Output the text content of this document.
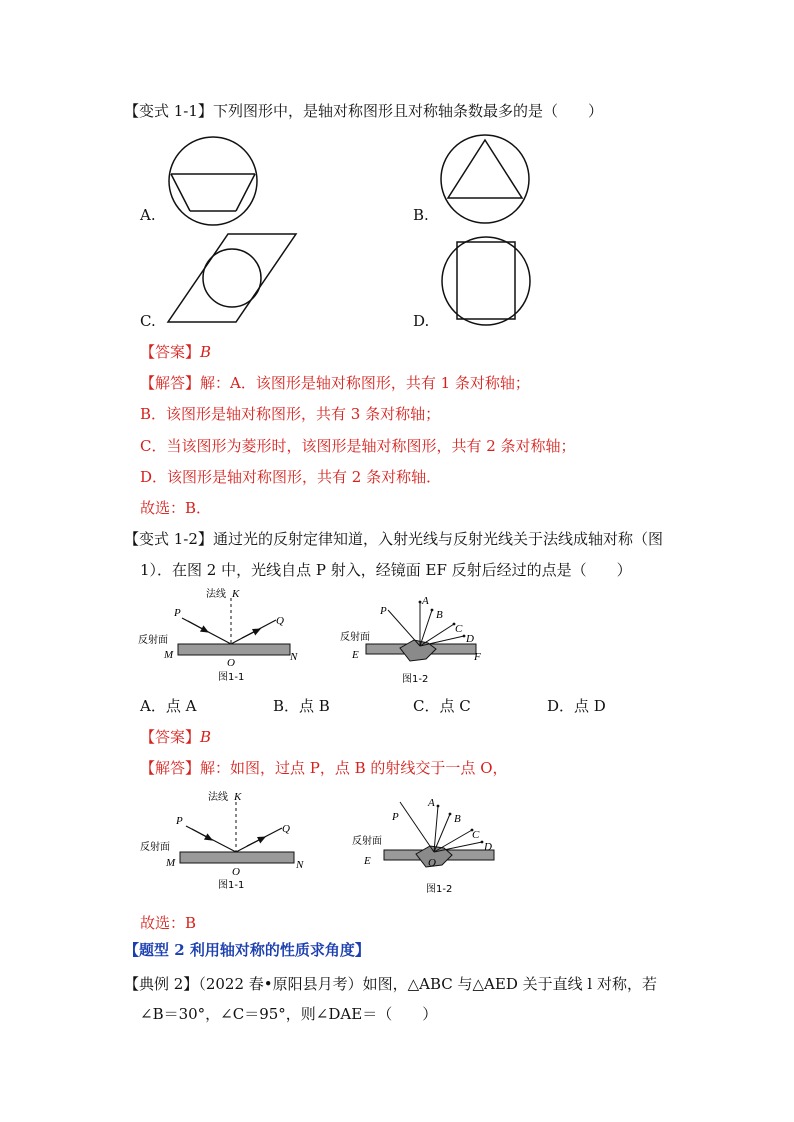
【变式 1-1】下列图形中，是轴对称图形且对称轴条数最多的是（　　）
A.	B.
C.	D.
【答案】B
【解答】解：A．该图形是轴对称图形，共有 1 条对称轴；
B．该图形是轴对称图形，共有 3 条对称轴；
C．当该图形为菱形时，该图形是轴对称图形，共有 2 条对称轴；
D．该图形是轴对称图形，共有 2 条对称轴．
故选：B．
【变式 1-2】通过光的反射定律知道，入射光线与反射光线关于法线成轴对称（图
1）．在图 2 中，光线自点 P 射入，经镜面 EF 反射后经过的点是（　　）
法线 K
P
Q
反射面
M	N
O
图1-1
P
A
B
C
D
反射面
E	F
图1-2
A．点 A	B．点 B	C．点 C	D．点 D
【答案】B
【解答】解：如图，过点 P，点 B 的射线交于一点 O，
法线 K
P
Q
反射面
M	N
O
图1-1
P
A
B
C
D
反射面
E	O
图1-2
故选：B
【题型 2 利用轴对称的性质求角度】
【典例 2】（2022 春•原阳县月考）如图，△ABC 与△AED 关于直线 l 对称，若
∠B＝30°，∠C＝95°，则∠DAE＝（　　）
